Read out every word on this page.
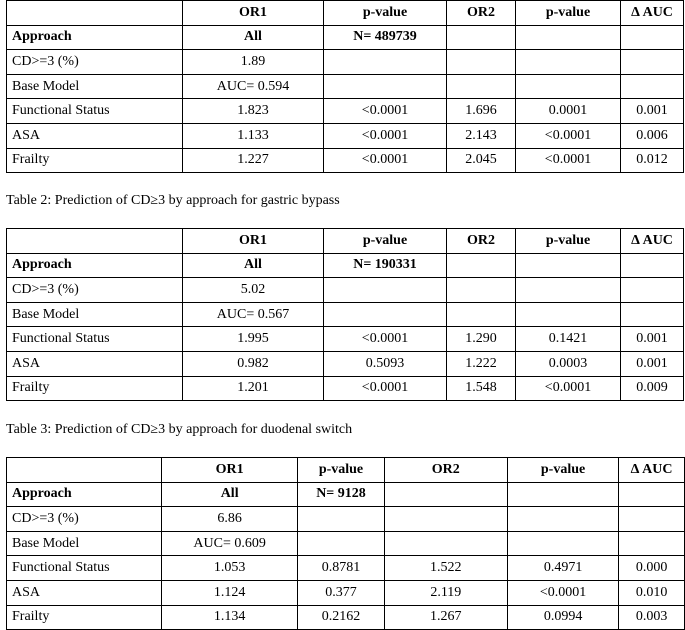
	OR1	p-value	OR2	p-value	Δ AUC
Approach	All	N= 489739			
CD>=3 (%)	1.89				
Base Model	AUC= 0.594				
Functional Status	1.823	<0.0001	1.696	0.0001	0.001
ASA	1.133	<0.0001	2.143	<0.0001	0.006
Frailty	1.227	<0.0001	2.045	<0.0001	0.012
Table 2: Prediction of CD≥3 by approach for gastric bypass
	OR1	p-value	OR2	p-value	Δ AUC
Approach	All	N= 190331			
CD>=3 (%)	5.02				
Base Model	AUC= 0.567				
Functional Status	1.995	<0.0001	1.290	0.1421	0.001
ASA	0.982	0.5093	1.222	0.0003	0.001
Frailty	1.201	<0.0001	1.548	<0.0001	0.009
Table 3: Prediction of CD≥3 by approach for duodenal switch
	OR1	p-value	OR2	p-value	Δ AUC
Approach	All	N= 9128			
CD>=3 (%)	6.86				
Base Model	AUC= 0.609				
Functional Status	1.053	0.8781	1.522	0.4971	0.000
ASA	1.124	0.377	2.119	<0.0001	0.010
Frailty	1.134	0.2162	1.267	0.0994	0.003
